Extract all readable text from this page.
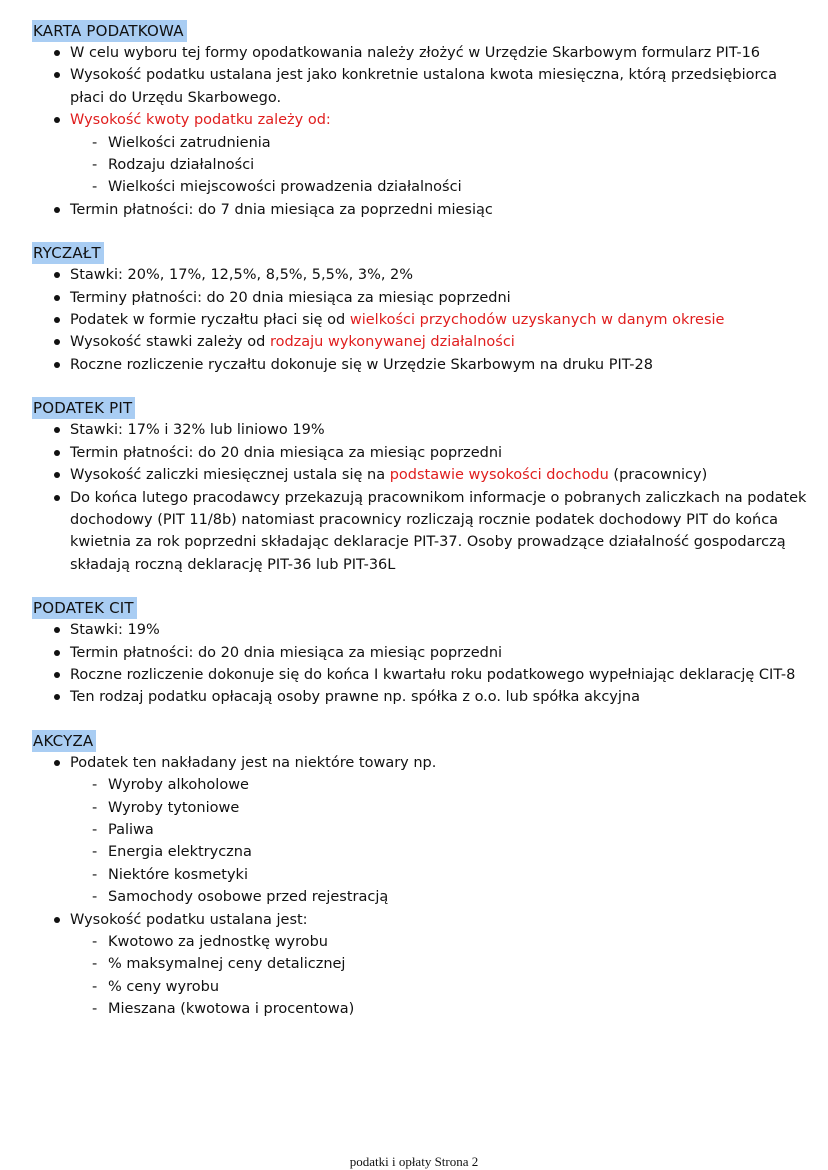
KARTA PODATKOWA
W celu wyboru tej formy opodatkowania należy złożyć w Urzędzie Skarbowym formularz PIT-16
Wysokość podatku ustalana jest jako konkretnie ustalona kwota miesięczna, którą przedsiębiorca płaci do Urzędu Skarbowego.
Wysokość kwoty podatku zależy od:
- Wielkości zatrudnienia
- Rodzaju działalności
- Wielkości miejscowości prowadzenia działalności
Termin płatności: do 7 dnia miesiąca za poprzedni miesiąc
RYCZAŁT
Stawki: 20%, 17%, 12,5%, 8,5%, 5,5%, 3%, 2%
Terminy płatności: do 20 dnia miesiąca za miesiąc poprzedni
Podatek w formie ryczałtu płaci się od wielkości przychodów uzyskanych w danym okresie
Wysokość stawki zależy od rodzaju wykonywanej działalności
Roczne rozliczenie ryczałtu dokonuje się w Urzędzie Skarbowym na druku PIT-28
PODATEK PIT
Stawki: 17% i 32% lub liniowo 19%
Termin płatności: do 20 dnia miesiąca za miesiąc poprzedni
Wysokość zaliczki miesięcznej ustala się na podstawie wysokości dochodu (pracownicy)
Do końca lutego pracodawcy przekazują pracownikom informacje o pobranych zaliczkach na podatek dochodowy (PIT 11/8b) natomiast pracownicy rozliczają rocznie podatek dochodowy PIT do końca kwietnia za rok poprzedni składając deklaracje PIT-37. Osoby prowadzące działalność gospodarczą składają roczną deklarację PIT-36 lub PIT-36L
PODATEK CIT
Stawki: 19%
Termin płatności: do 20 dnia miesiąca za miesiąc poprzedni
Roczne rozliczenie dokonuje się do końca I kwartału roku podatkowego wypełniając deklarację CIT-8
Ten rodzaj podatku opłacają osoby prawne np. spółka z o.o. lub spółka akcyjna
AKCYZA
Podatek ten nakładany jest na niektóre towary np.
- Wyroby alkoholowe
- Wyroby tytoniowe
- Paliwa
- Energia elektryczna
- Niektóre kosmetyki
- Samochody osobowe przed rejestracją
Wysokość podatku ustalana jest:
- Kwotowo za jednostkę wyrobu
- % maksymalnej ceny detalicznej
- % ceny wyrobu
- Mieszana (kwotowa i procentowa)
podatki i opłaty Strona 2
